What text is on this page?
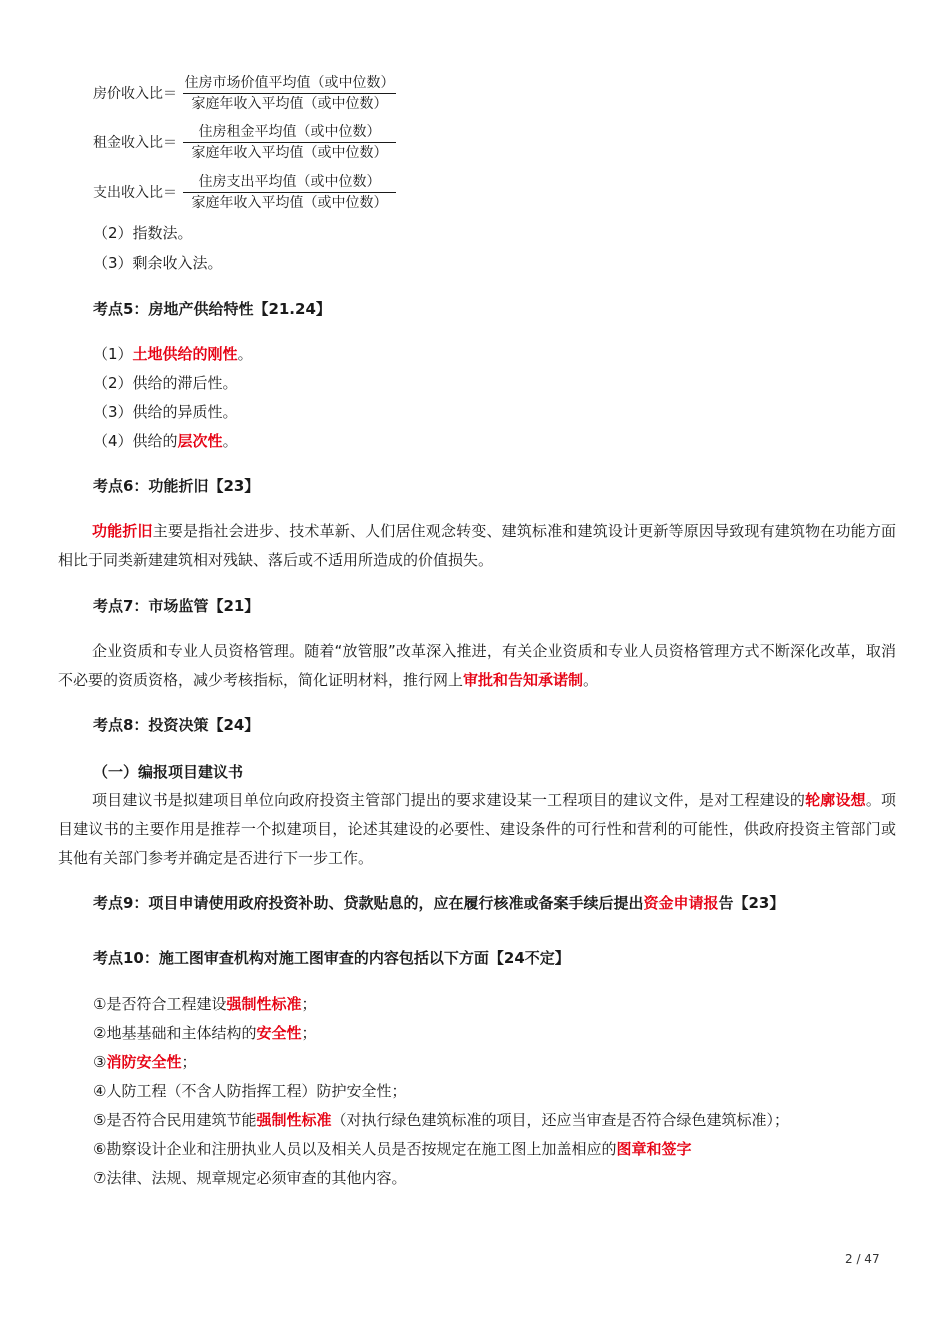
房价收入比＝
住房市场价值平均值（或中位数）
家庭年收入平均值（或中位数）
租金收入比＝
住房租金平均值（或中位数）
家庭年收入平均值（或中位数）
支出收入比＝
住房支出平均值（或中位数）
家庭年收入平均值（或中位数）
（2）指数法。
（3）剩余收入法。
考点5：房地产供给特性【21.24】
（1）土地供给的刚性。
（2）供给的滞后性。
（3）供给的异质性。
（4）供给的层次性。
考点6：功能折旧【23】
功能折旧主要是指社会进步、技术革新、人们居住观念转变、建筑标准和建筑设计更新等原因导致现有建筑物在功能方面相比于同类新建建筑相对残缺、落后或不适用所造成的价值损失。
考点7：市场监管【21】
企业资质和专业人员资格管理。随着“放管服”改革深入推进，有关企业资质和专业人员资格管理方式不断深化改革，取消不必要的资质资格，减少考核指标，简化证明材料，推行网上审批和告知承诺制。
考点8：投资决策【24】
（一）编报项目建议书
项目建议书是拟建项目单位向政府投资主管部门提出的要求建设某一工程项目的建议文件，是对工程建设的轮廓设想。项目建议书的主要作用是推荐一个拟建项目，论述其建设的必要性、建设条件的可行性和营利的可能性，供政府投资主管部门或其他有关部门参考并确定是否进行下一步工作。
考点9：项目申请使用政府投资补助、贷款贴息的，应在履行核准或备案手续后提出资金申请报告【23】
考点10：施工图审查机构对施工图审查的内容包括以下方面【24不定】
①是否符合工程建设强制性标准；
②地基基础和主体结构的安全性；
③消防安全性；
④人防工程（不含人防指挥工程）防护安全性；
⑤是否符合民用建筑节能强制性标准（对执行绿色建筑标准的项目，还应当审查是否符合绿色建筑标准）；
⑥勘察设计企业和注册执业人员以及相关人员是否按规定在施工图上加盖相应的图章和签字
⑦法律、法规、规章规定必须审查的其他内容。
2 / 47
